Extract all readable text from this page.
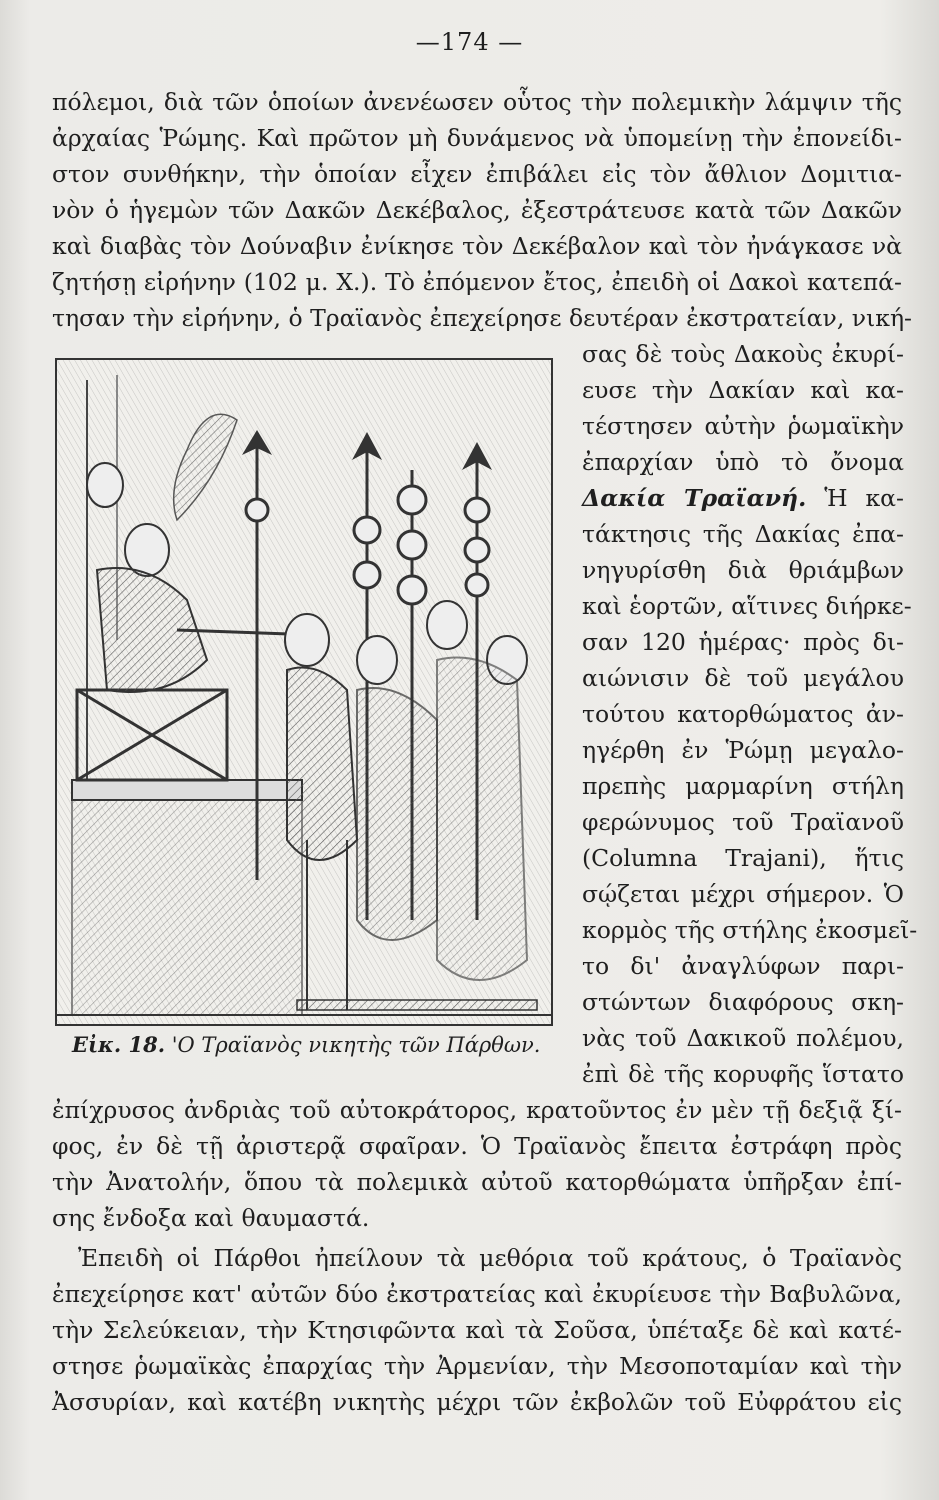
—174 —
πόλεμοι, διὰ τῶν ὁποίων ἀνενέωσεν οὗτος τὴν πολεμικὴν λάμψιν τῆς
ἀρχαίας Ῥώμης. Καὶ πρῶτον μὴ δυνάμενος νὰ ὑπομείνῃ τὴν ἐπονείδι-
στον συνθήκην, τὴν ὁποίαν εἶχεν ἐπιβάλει εἰς τὸν ἄθλιον Δομιτια-
νὸν ὁ ἡγεμὼν τῶν Δακῶν Δεκέβαλος, ἐξεστράτευσε κατὰ τῶν Δακῶν
καὶ διαβὰς τὸν Δούναβιν ἐνίκησε τὸν Δεκέβαλον καὶ τὸν ἠνάγκασε νὰ
ζητήσῃ εἰρήνην (102 μ. Χ.). Τὸ ἐπόμενον ἔτος, ἐπειδὴ οἱ Δακοὶ κατεπά-
τησαν τὴν εἰρήνην, ὁ Τραϊανὸς ἐπεχείρησε δευτέραν ἐκστρατείαν, νική-
Εἰκ. 18. 'Ο Τραϊανὸς νικητὴς τῶν Πάρθων.
σας δὲ τοὺς Δακοὺς ἐκυρί-
ευσε τὴν Δακίαν καὶ κα-
τέστησεν αὐτὴν ῥωμαϊκὴν
ἐπαρχίαν ὑπὸ τὸ ὄνομα
Δακία Τραϊανή. Ἡ κα-
τάκτησις τῆς Δακίας ἐπα-
νηγυρίσθη διὰ θριάμβων
καὶ ἑορτῶν, αἵτινες διήρκε-
σαν 120 ἡμέρας· πρὸς δι-
αιώνισιν δὲ τοῦ μεγάλου
τούτου κατορθώματος ἀν-
ηγέρθη ἐν Ῥώμῃ μεγαλο-
πρεπὴς μαρμαρίνη στήλη
φερώνυμος τοῦ Τραϊανοῦ
(Columna Trajani), ἥτις
σῴζεται μέχρι σήμερον. Ὁ
κορμὸς τῆς στήλης ἐκοσμεῖ-
το δι' ἀναγλύφων παρι-
στώντων διαφόρους σκη-
νὰς τοῦ Δακικοῦ πολέμου,
ἐπὶ δὲ τῆς κορυφῆς ἵστατο
ἐπίχρυσος ἀνδριὰς τοῦ αὐτοκράτορος, κρατοῦντος ἐν μὲν τῇ δεξιᾷ ξί-
φος, ἐν δὲ τῇ ἀριστερᾷ σφαῖραν. Ὁ Τραϊανὸς ἔπειτα ἐστράφη πρὸς
τὴν Ἀνατολήν, ὅπου τὰ πολεμικὰ αὐτοῦ κατορθώματα ὑπῆρξαν ἐπί-
σης ἔνδοξα καὶ θαυμαστά.
Ἐπειδὴ οἱ Πάρθοι ἠπείλουν τὰ μεθόρια τοῦ κράτους, ὁ Τραϊανὸς
ἐπεχείρησε κατ' αὐτῶν δύο ἐκστρατείας καὶ ἐκυρίευσε τὴν Βαβυλῶνα,
τὴν Σελεύκειαν, τὴν Κτησιφῶντα καὶ τὰ Σοῦσα, ὑπέταξε δὲ καὶ κατέ-
στησε ῥωμαϊκὰς ἐπαρχίας τὴν Ἀρμενίαν, τὴν Μεσοποταμίαν καὶ τὴν
Ἀσσυρίαν, καὶ κατέβη νικητὴς μέχρι τῶν ἐκβολῶν τοῦ Εὐφράτου εἰς
